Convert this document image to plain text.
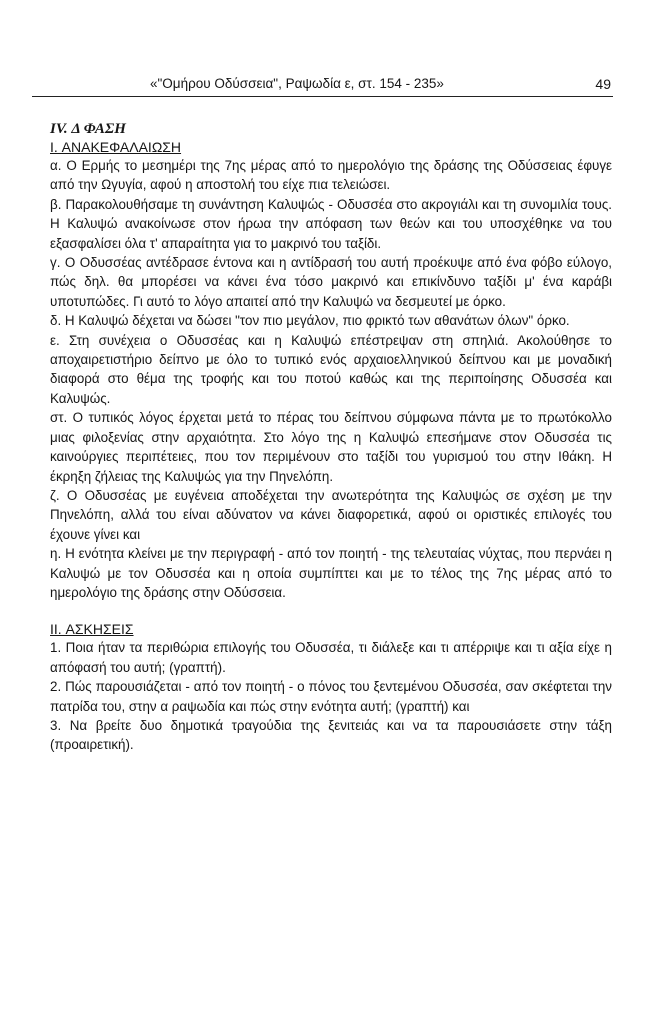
«"Ομήρου Οδύσσεια", Ραψωδία ε, στ. 154 - 235»	49
IV. Δ ΦΑΣΗ
I. ΑΝΑΚΕΦΑΛΑΙΩΣΗ

α. Ο Ερμής το μεσημέρι της 7ης μέρας από το ημερολόγιο της δράσης της Οδύσσειας έφυγε από την Ωγυγία, αφού η αποστολή του είχε πια τελειώσει.

β. Παρακολουθήσαμε τη συνάντηση Καλυψώς - Οδυσσέα στο ακρογιάλι και τη συνομιλία τους. Η Καλυψώ ανακοίνωσε στον ήρωα την απόφαση των θεών και του υποσχέθηκε να του εξασφαλίσει όλα τ' απαραίτητα για το μακρινό του ταξίδι.

γ. Ο Οδυσσέας αντέδρασε έντονα και η αντίδρασή του αυτή προέκυψε από ένα φόβο εύλογο, πώς δηλ. θα μπορέσει να κάνει ένα τόσο μακρινό και επικίνδυνο ταξίδι μ' ένα καράβι υποτυπώδες. Γι αυτό το λόγο απαιτεί από την Καλυψώ να δεσμευτεί με όρκο.

δ. Η Καλυψώ δέχεται να δώσει "τον πιο μεγάλον, πιο φρικτό των αθανάτων όλων" όρκο.

ε. Στη συνέχεια ο Οδυσσέας και η Καλυψώ επέστρεψαν στη σπηλιά. Ακολούθησε το αποχαιρετιστήριο δείπνο με όλο το τυπικό ενός αρχαιοελληνικού δείπνου και με μοναδική διαφορά στο θέμα της τροφής και του ποτού καθώς και της περιποίησης Οδυσσέα και Καλυψώς.

στ. Ο τυπικός λόγος έρχεται μετά το πέρας του δείπνου σύμφωνα πάντα με το πρωτόκολλο μιας φιλοξενίας στην αρχαιότητα. Στο λόγο της η Καλυψώ επεσήμανε στον Οδυσσέα τις καινούργιες περιπέτειες, που τον περιμένουν στο ταξίδι του γυρισμού του στην Ιθάκη. Η έκρηξη ζήλειας της Καλυψώς για την Πηνελόπη.

ζ. Ο Οδυσσέας με ευγένεια αποδέχεται την ανωτερότητα της Καλυψώς σε σχέση με την Πηνελόπη, αλλά του είναι αδύνατον να κάνει διαφορετικά, αφού οι οριστικές επιλογές του έχουνε γίνει και

η. Η ενότητα κλείνει με την περιγραφή - από τον ποιητή - της τελευταίας νύχτας, που περνάει η Καλυψώ με τον Οδυσσέα και η οποία συμπίπτει και με το τέλος της 7ης μέρας από το ημερολόγιο της δράσης στην Οδύσσεια.

II. ΑΣΚΗΣΕΙΣ

1. Ποια ήταν τα περιθώρια επιλογής του Οδυσσέα, τι διάλεξε και τι απέρριψε και τι αξία είχε η απόφασή του αυτή; (γραπτή).

2. Πώς παρουσιάζεται - από τον ποιητή - ο πόνος του ξεντεμένου Οδυσσέα, σαν σκέφτεται την πατρίδα του, στην α ραψωδία και πώς στην ενότητα αυτή; (γραπτή) και

3. Να βρείτε δυο δημοτικά τραγούδια της ξενιτειάς και να τα παρουσιάσετε στην τάξη (προαιρετική).
